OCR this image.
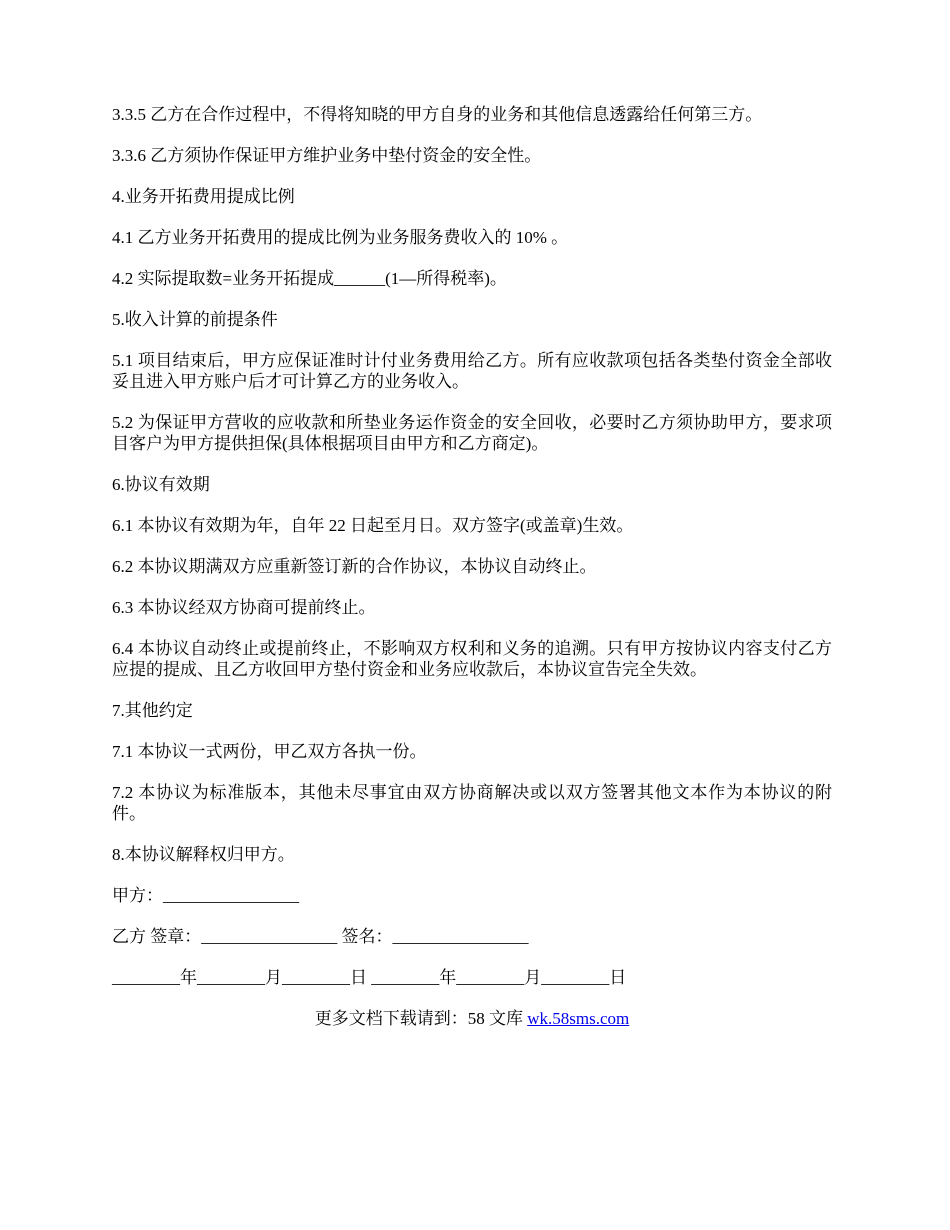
3.3.5 乙方在合作过程中，不得将知晓的甲方自身的业务和其他信息透露给任何第三方。

3.3.6 乙方须协作保证甲方维护业务中垫付资金的安全性。

4.业务开拓费用提成比例

4.1 乙方业务开拓费用的提成比例为业务服务费收入的 10% 。

4.2 实际提取数=业务开拓提成______(1—所得税率)。

5.收入计算的前提条件

5.1 项目结束后，甲方应保证准时计付业务费用给乙方。所有应收款项包括各类垫付资金全部收妥且进入甲方账户后才可计算乙方的业务收入。

5.2 为保证甲方营收的应收款和所垫业务运作资金的安全回收，必要时乙方须协助甲方，要求项目客户为甲方提供担保(具体根据项目由甲方和乙方商定)。

6.协议有效期

6.1 本协议有效期为年，自年 22 日起至月日。双方签字(或盖章)生效。

6.2 本协议期满双方应重新签订新的合作协议，本协议自动终止。

6.3 本协议经双方协商可提前终止。

6.4 本协议自动终止或提前终止，不影响双方权利和义务的追溯。只有甲方按协议内容支付乙方应提的提成、且乙方收回甲方垫付资金和业务应收款后，本协议宣告完全失效。

7.其他约定

7.1 本协议一式两份，甲乙双方各执一份。

7.2 本协议为标准版本，其他未尽事宜由双方协商解决或以双方签署其他文本作为本协议的附件。

8.本协议解释权归甲方。

甲方：________________

乙方 签章：________________ 签名：________________

________年________月________日 ________年________月________日

更多文档下载请到：58 文库 wk.58sms.com
